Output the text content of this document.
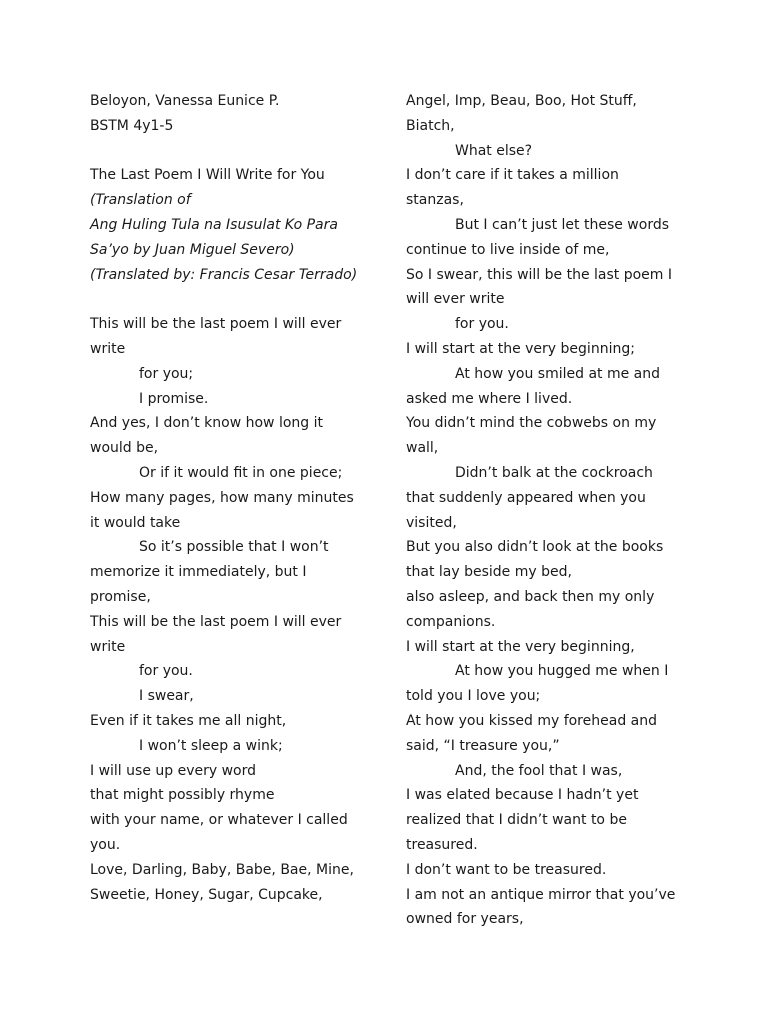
Beloyon, Vanessa Eunice P.
BSTM 4y1-5
The Last Poem I Will Write for You
(Translation of
Ang Huling Tula na Isusulat Ko Para
Sa’yo by Juan Miguel Severo)
(Translated by: Francis Cesar Terrado)
This will be the last poem I will ever
write
for you;
I promise.
And yes, I don’t know how long it
would be,
Or if it would fit in one piece;
How many pages, how many minutes
it would take
So it’s possible that I won’t
memorize it immediately, but I
promise,
This will be the last poem I will ever
write
for you.
I swear,
Even if it takes me all night,
I won’t sleep a wink;
I will use up every word
that might possibly rhyme
with your name, or whatever I called
you.
Love, Darling, Baby, Babe, Bae, Mine,
Sweetie, Honey, Sugar, Cupcake,
Angel, Imp, Beau, Boo, Hot Stuff,
Biatch,
What else?
I don’t care if it takes a million
stanzas,
But I can’t just let these words
continue to live inside of me,
So I swear, this will be the last poem I
will ever write
for you.
I will start at the very beginning;
At how you smiled at me and
asked me where I lived.
You didn’t mind the cobwebs on my
wall,
Didn’t balk at the cockroach
that suddenly appeared when you
visited,
But you also didn’t look at the books
that lay beside my bed,
also asleep, and back then my only
companions.
I will start at the very beginning,
At how you hugged me when I
told you I love you;
At how you kissed my forehead and
said, “I treasure you,”
And, the fool that I was,
I was elated because I hadn’t yet
realized that I didn’t want to be
treasured.
I don’t want to be treasured.
I am not an antique mirror that you’ve
owned for years,
